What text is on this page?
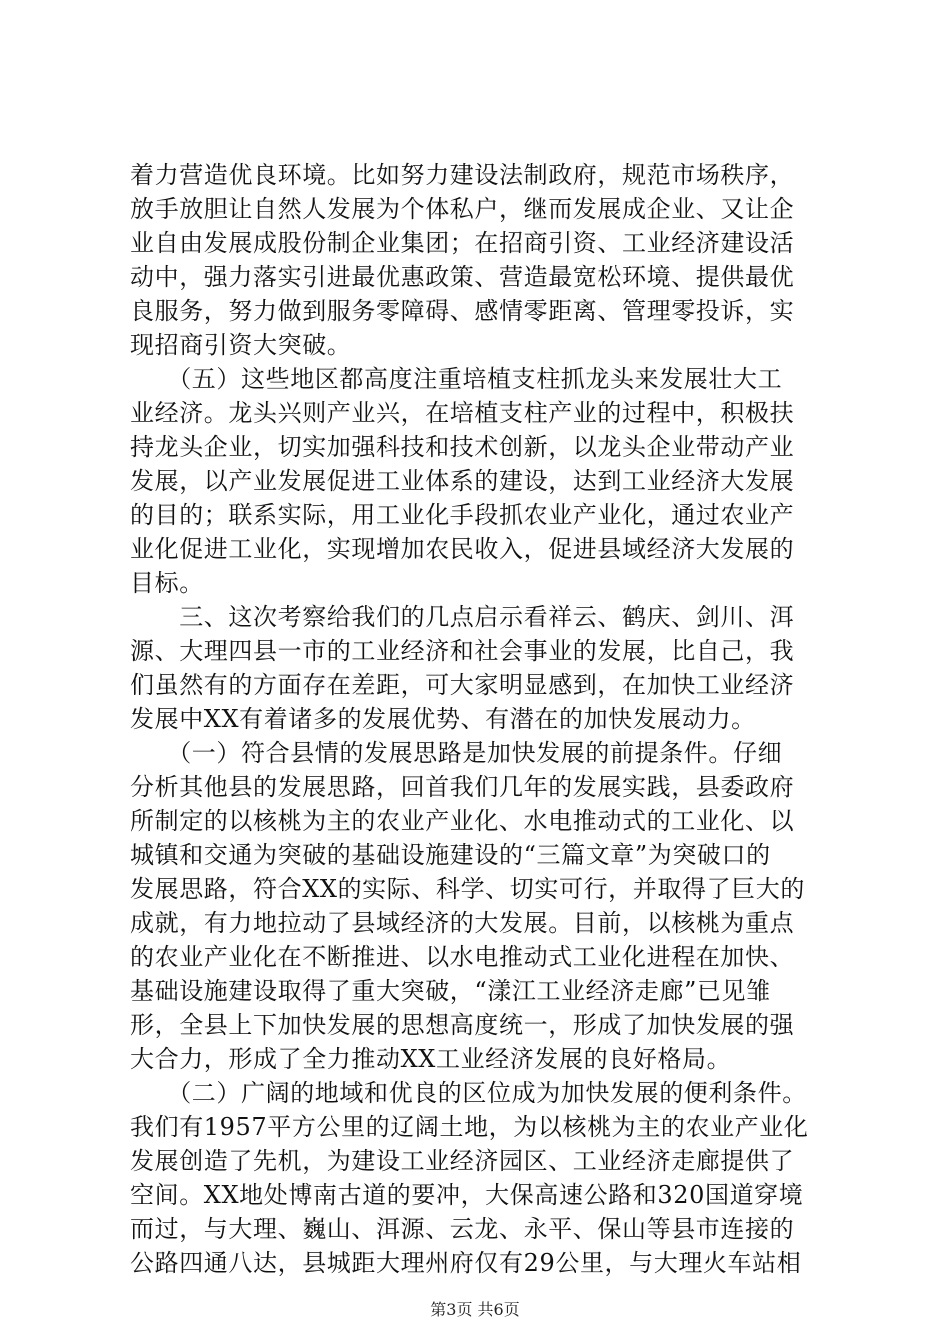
着力营造优良环境。比如努力建设法制政府，规范市场秩序，
放手放胆让自然人发展为个体私户，继而发展成企业、又让企
业自由发展成股份制企业集团；在招商引资、工业经济建设活
动中，强力落实引进最优惠政策、营造最宽松环境、提供最优
良服务，努力做到服务零障碍、感情零距离、管理零投诉，实
现招商引资大突破。
　　（五）这些地区都高度注重培植支柱抓龙头来发展壮大工
业经济。龙头兴则产业兴，在培植支柱产业的过程中，积极扶
持龙头企业，切实加强科技和技术创新，以龙头企业带动产业
发展，以产业发展促进工业体系的建设，达到工业经济大发展
的目的；联系实际，用工业化手段抓农业产业化，通过农业产
业化促进工业化，实现增加农民收入，促进县域经济大发展的
目标。
　　三、这次考察给我们的几点启示看祥云、鹤庆、剑川、洱
源、大理四县一市的工业经济和社会事业的发展，比自己，我
们虽然有的方面存在差距，可大家明显感到，在加快工业经济
发展中XX有着诸多的发展优势、有潜在的加快发展动力。
　　（一）符合县情的发展思路是加快发展的前提条件。仔细
分析其他县的发展思路，回首我们几年的发展实践，县委政府
所制定的以核桃为主的农业产业化、水电推动式的工业化、以
城镇和交通为突破的基础设施建设的“三篇文章”为突破口的
发展思路，符合XX的实际、科学、切实可行，并取得了巨大的
成就，有力地拉动了县域经济的大发展。目前，以核桃为重点
的农业产业化在不断推进、以水电推动式工业化进程在加快、
基础设施建设取得了重大突破，“漾江工业经济走廊”已见雏
形，全县上下加快发展的思想高度统一，形成了加快发展的强
大合力，形成了全力推动XX工业经济发展的良好格局。
　　（二）广阔的地域和优良的区位成为加快发展的便利条件。
我们有1957平方公里的辽阔土地，为以核桃为主的农业产业化
发展创造了先机，为建设工业经济园区、工业经济走廊提供了
空间。XX地处博南古道的要冲，大保高速公路和320国道穿境
而过，与大理、巍山、洱源、云龙、永平、保山等县市连接的
公路四通八达，县城距大理州府仅有29公里，与大理火车站相
第3页 共6页
